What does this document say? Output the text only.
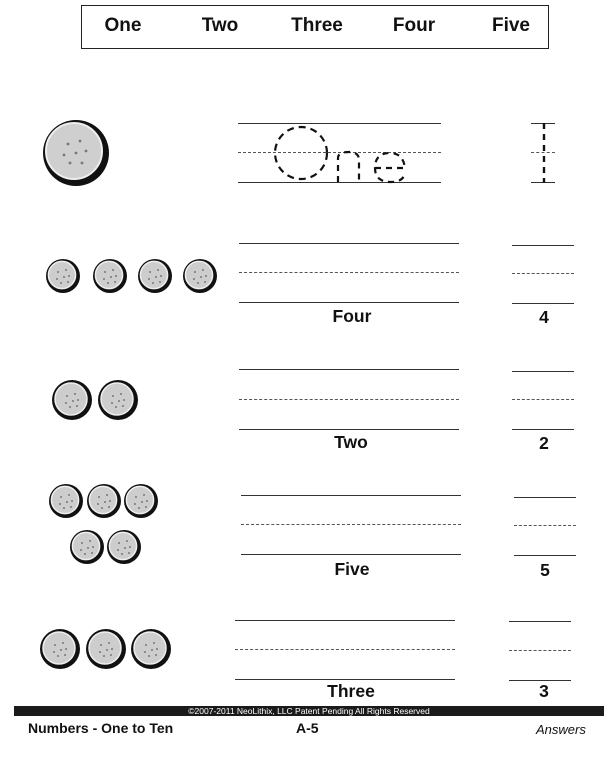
One	Two	Three	Four	Five
Four	4
Two	2
Five	5
Three	3
©2007-2011 NeoLithix, LLC Patent Pending All Rights Reserved
Numbers - One to Ten	A-5	Answers
